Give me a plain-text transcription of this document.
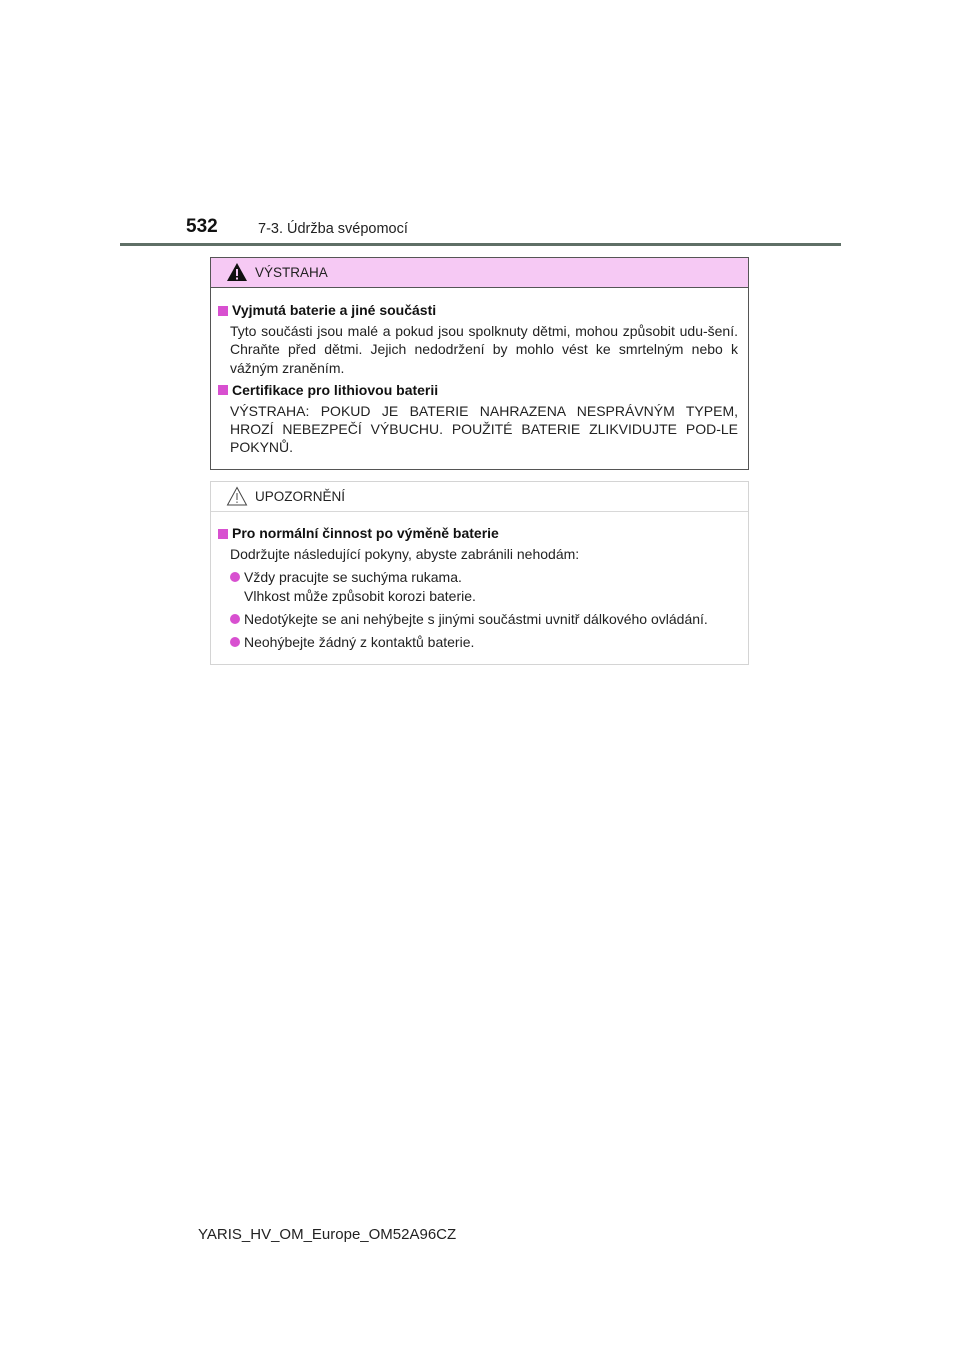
532	7-3. Údržba svépomocí
VÝSTRAHA
Vyjmutá baterie a jiné součásti
Tyto součásti jsou malé a pokud jsou spolknuty dětmi, mohou způsobit udu-šení. Chraňte před dětmi. Jejich nedodržení by mohlo vést ke smrtelným nebo k vážným zraněním.
Certifikace pro lithiovou baterii
VÝSTRAHA: POKUD JE BATERIE NAHRAZENA NESPRÁVNÝM TYPEM, HROZÍ NEBEZPEČÍ VÝBUCHU. POUŽITÉ BATERIE ZLIKVIDUJTE POD-LE POKYNŮ.
UPOZORNĚNÍ
Pro normální činnost po výměně baterie
Dodržujte následující pokyny, abyste zabránili nehodám:
Vždy pracujte se suchýma rukama.
Vlhkost může způsobit korozi baterie.
Nedotýkejte se ani nehýbejte s jinými součástmi uvnitř dálkového ovládání.
Neohýbejte žádný z kontaktů baterie.
YARIS_HV_OM_Europe_OM52A96CZ
